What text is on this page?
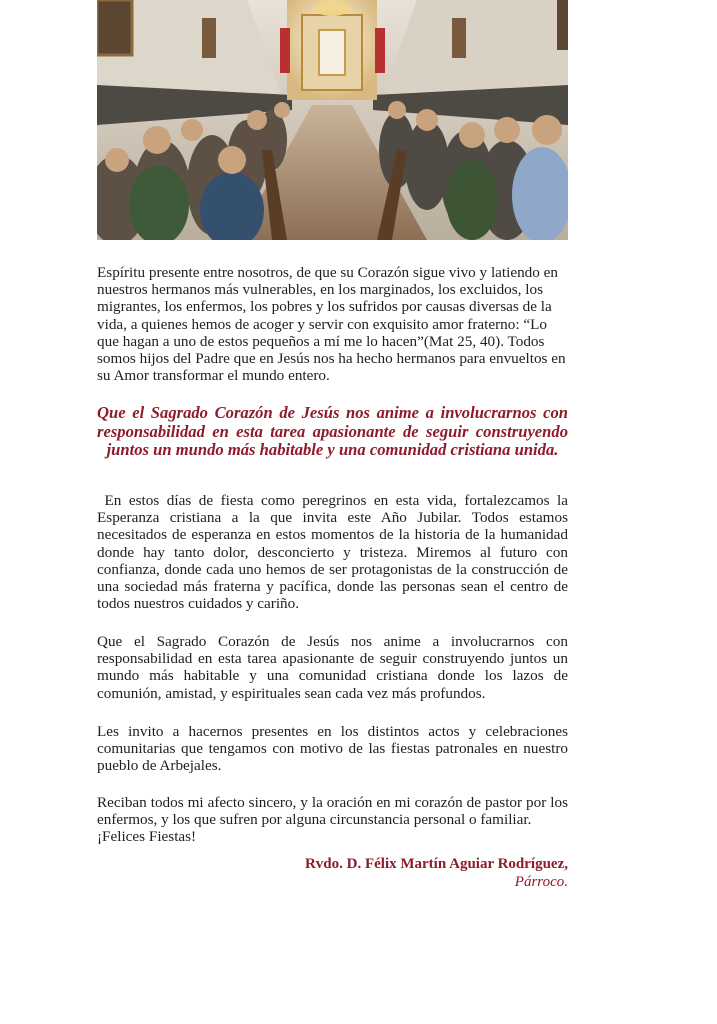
Espíritu presente entre nosotros, de que su Corazón sigue vivo y latiendo en nuestros hermanos más vulnerables, en los marginados, los excluidos, los migrantes, los enfermos, los pobres y los sufridos por causas diversas de la vida, a quienes hemos de acoger y servir con exquisito amor fraterno: “Lo que hagan a uno de estos pequeños a mí me lo hacen”(Mat 25, 40). Todos somos hijos del Padre que en Jesús nos ha hecho hermanos para envueltos en su Amor transformar el mundo entero.

Que el Sagrado Corazón de Jesús nos anime a involucrarnos con responsabilidad en esta tarea apasionante de seguir construyendo juntos un mundo más habitable y una comunidad cristiana unida.

En estos días de fiesta como peregrinos en esta vida, fortalezcamos la Esperanza cristiana a la que invita este Año Jubilar. Todos estamos necesitados de esperanza en estos momentos de la historia de la humanidad donde hay tanto dolor, desconcierto y tristeza. Miremos al futuro con confianza, donde cada uno hemos de ser protagonistas de la construcción de una sociedad más fraterna y pacífica, donde las personas sean el centro de todos nuestros cuidados y cariño.

Que el Sagrado Corazón de Jesús nos anime a involucrarnos con responsabilidad en esta tarea apasionante de seguir construyendo juntos un mundo más habitable y una comunidad cristiana donde los lazos de comunión, amistad, y espirituales sean cada vez más profundos.

Les invito a hacernos presentes en los distintos actos y celebraciones comunitarias que tengamos con motivo de las fiestas patronales en nuestro pueblo de Arbejales.

Reciban todos mi afecto sincero, y la oración en mi corazón de pastor por los enfermos, y los que sufren por alguna circunstancia personal o familiar.

¡Felices Fiestas!

Rvdo. D. Félix Martín Aguiar Rodríguez,
Párroco.
